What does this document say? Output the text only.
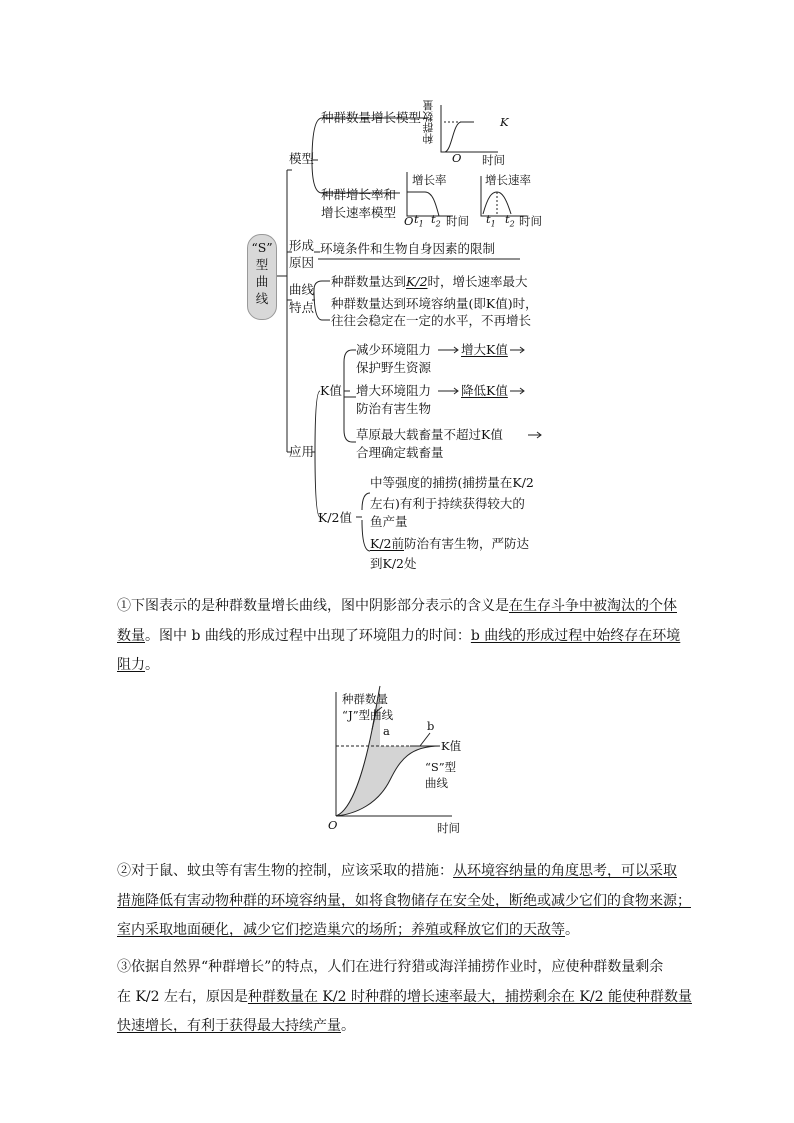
“S”
型
曲
线
模型
种群数量增长模型
种群增长率和
增长速率模型
种群数量	K
O 时间
增长率
O $t_1$ $t_2$ 时间
增长速率
$t_1$ $t_2$ 时间
形成
原因
环境条件和生物自身因素的限制
曲线
特点
种群数量达到K/2时，增长速率最大
种群数量达到环境容纳量(即K值)时，
往往会稳定在一定的水平，不再增长
应用
K值
减少环境阻力 增大K值
保护野生资源
增大环境阻力 降低K值
防治有害生物
草原最大载畜量不超过K值
合理确定载畜量
K/2值
中等强度的捕捞(捕捞量在K/2
左右)有利于持续获得较大的
鱼产量
K/2前防治有害生物，严防达
到K/2处
①下图表示的是种群数量增长曲线，图中阴影部分表示的含义是在生存斗争中被淘汰的个体
数量。图中 b 曲线的形成过程中出现了环境阻力的时间：b 曲线的形成过程中始终存在环境
阻力。
种群数量
“J”型曲线
a	b
K值
“S”型
曲线
O	时间
②对于鼠、蚊虫等有害生物的控制，应该采取的措施：从环境容纳量的角度思考，可以采取
措施降低有害动物种群的环境容纳量，如将食物储存在安全处，断绝或减少它们的食物来源；
室内采取地面硬化，减少它们挖造巢穴的场所；养殖或释放它们的天敌等。
③依据自然界“种群增长”的特点，人们在进行狩猎或海洋捕捞作业时，应使种群数量剩余
在 K/2 左右，原因是种群数量在 K/2 时种群的增长速率最大，捕捞剩余在 K/2 能使种群数量
快速增长，有利于获得最大持续产量。
